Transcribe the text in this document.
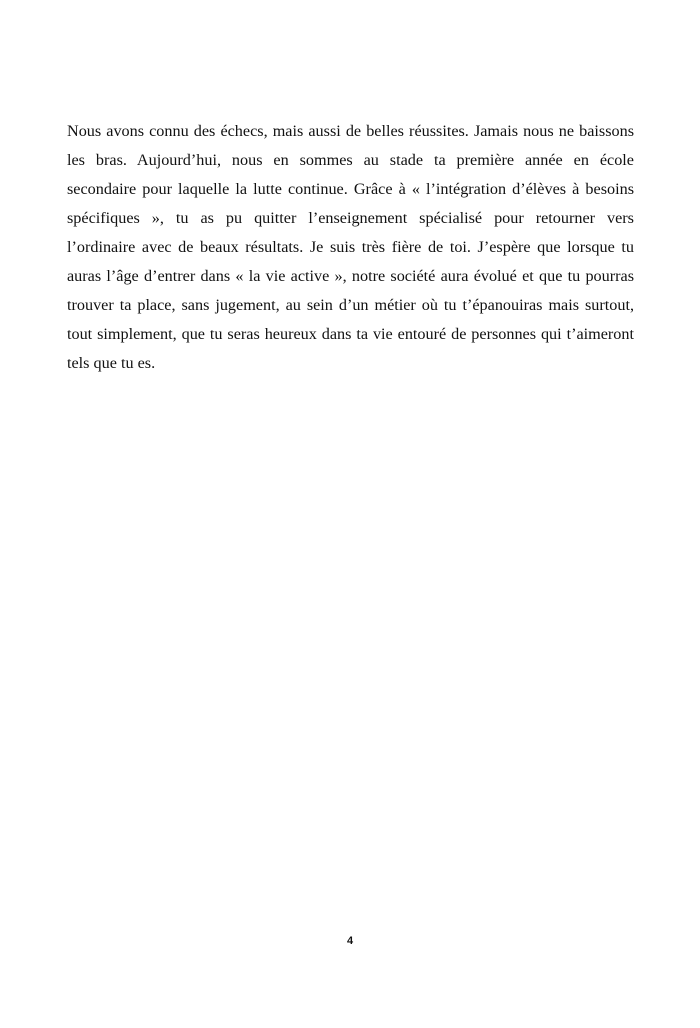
Nous avons connu des échecs, mais aussi de belles réussites. Jamais nous ne baissons
les bras. Aujourd’hui, nous en sommes au stade ta première année en école
secondaire pour laquelle la lutte continue. Grâce à « l’intégration d’élèves à besoins
spécifiques », tu as pu quitter l’enseignement spécialisé pour retourner vers
l’ordinaire avec de beaux résultats. Je suis très fière de toi. J’espère que lorsque tu
auras l’âge d’entrer dans « la vie active », notre société aura évolué et que tu pourras
trouver ta place, sans jugement, au sein d’un métier où tu t’épanouiras mais surtout,
tout simplement, que tu seras heureux dans ta vie entouré de personnes qui t’aimeront
tels que tu es.
4
